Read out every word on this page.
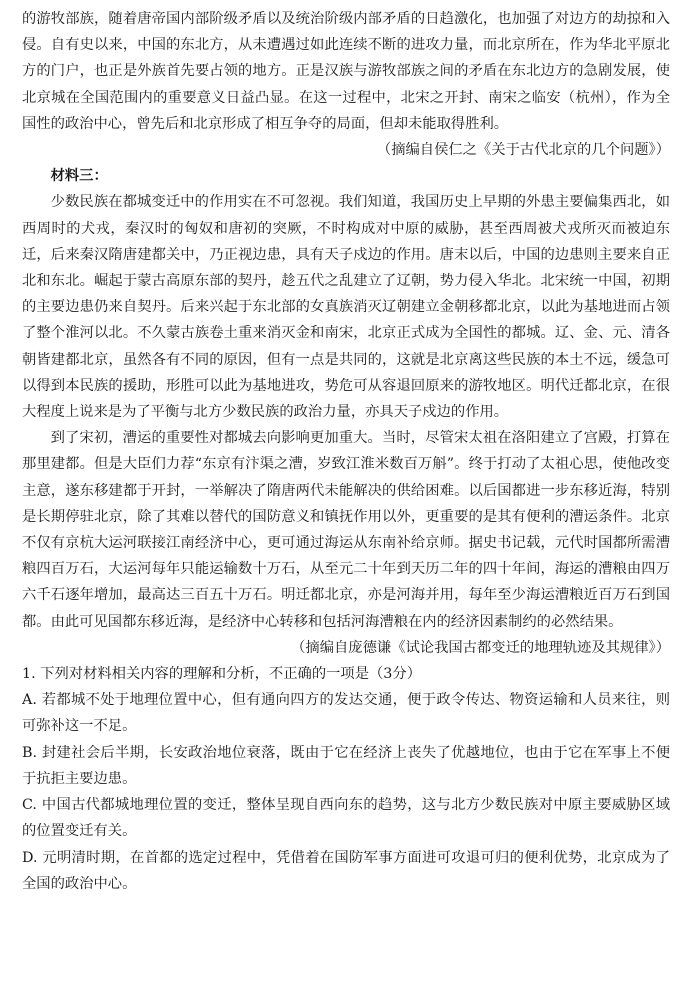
的游牧部族，随着唐帝国内部阶级矛盾以及统治阶级内部矛盾的日趋激化，也加强了对边方的劫掠和入侵。自有史以来，中国的东北方，从未遭遇过如此连续不断的进攻力量，而北京所在，作为华北平原北方的门户，也正是外族首先要占领的地方。正是汉族与游牧部族之间的矛盾在东北边方的急剧发展，使北京城在全国范围内的重要意义日益凸显。在这一过程中，北宋之开封、南宋之临安（杭州），作为全国性的政治中心，曾先后和北京形成了相互争夺的局面，但却未能取得胜利。

（摘编自侯仁之《关于古代北京的几个问题》）

材料三：

少数民族在都城变迁中的作用实在不可忽视。我们知道，我国历史上早期的外患主要偏集西北，如西周时的犬戎，秦汉时的匈奴和唐初的突厥，不时构成对中原的威胁，甚至西周被犬戎所灭而被迫东迁，后来秦汉隋唐建都关中，乃正视边患，具有天子戍边的作用。唐末以后，中国的边患则主要来自正北和东北。崛起于蒙古高原东部的契丹，趁五代之乱建立了辽朝，势力侵入华北。北宋统一中国，初期的主要边患仍来自契丹。后来兴起于东北部的女真族消灭辽朝建立金朝移都北京，以此为基地进而占领了整个淮河以北。不久蒙古族卷土重来消灭金和南宋，北京正式成为全国性的都城。辽、金、元、清各朝皆建都北京，虽然各有不同的原因，但有一点是共同的，这就是北京离这些民族的本土不远，缓急可以得到本民族的援助，形胜可以此为基地进攻，势危可从容退回原来的游牧地区。明代迁都北京，在很大程度上说来是为了平衡与北方少数民族的政治力量，亦具天子戍边的作用。

到了宋初，漕运的重要性对都城去向影响更加重大。当时，尽管宋太祖在洛阳建立了宫殿，打算在那里建都。但是大臣们力荐“东京有汴渠之漕，岁致江淮米数百万斛”。终于打动了太祖心思，使他改变主意，遂东移建都于开封，一举解决了隋唐两代未能解决的供给困难。以后国都进一步东移近海，特别是长期停驻北京，除了其难以替代的国防意义和镇抚作用以外，更重要的是其有便利的漕运条件。北京不仅有京杭大运河联接江南经济中心，更可通过海运从东南补给京师。据史书记载，元代时国都所需漕粮四百万石，大运河每年只能运输数十万石，从至元二十年到天历二年的四十年间，海运的漕粮由四万六千石逐年增加，最高达三百五十万石。明迁都北京，亦是河海并用，每年至少海运漕粮近百万石到国都。由此可见国都东移近海，是经济中心转移和包括河海漕粮在内的经济因素制约的必然结果。

（摘编自庞德谦《试论我国古都变迁的地理轨迹及其规律》）

1. 下列对材料相关内容的理解和分析，不正确的一项是（3分）

A. 若都城不处于地理位置中心，但有通向四方的发达交通，便于政令传达、物资运输和人员来往，则可弥补这一不足。

B. 封建社会后半期，长安政治地位衰落，既由于它在经济上丧失了优越地位，也由于它在军事上不便于抗拒主要边患。

C. 中国古代都城地理位置的变迁，整体呈现自西向东的趋势，这与北方少数民族对中原主要威胁区域的位置变迁有关。

D. 元明清时期，在首都的选定过程中，凭借着在国防军事方面进可攻退可归的便利优势，北京成为了全国的政治中心。
